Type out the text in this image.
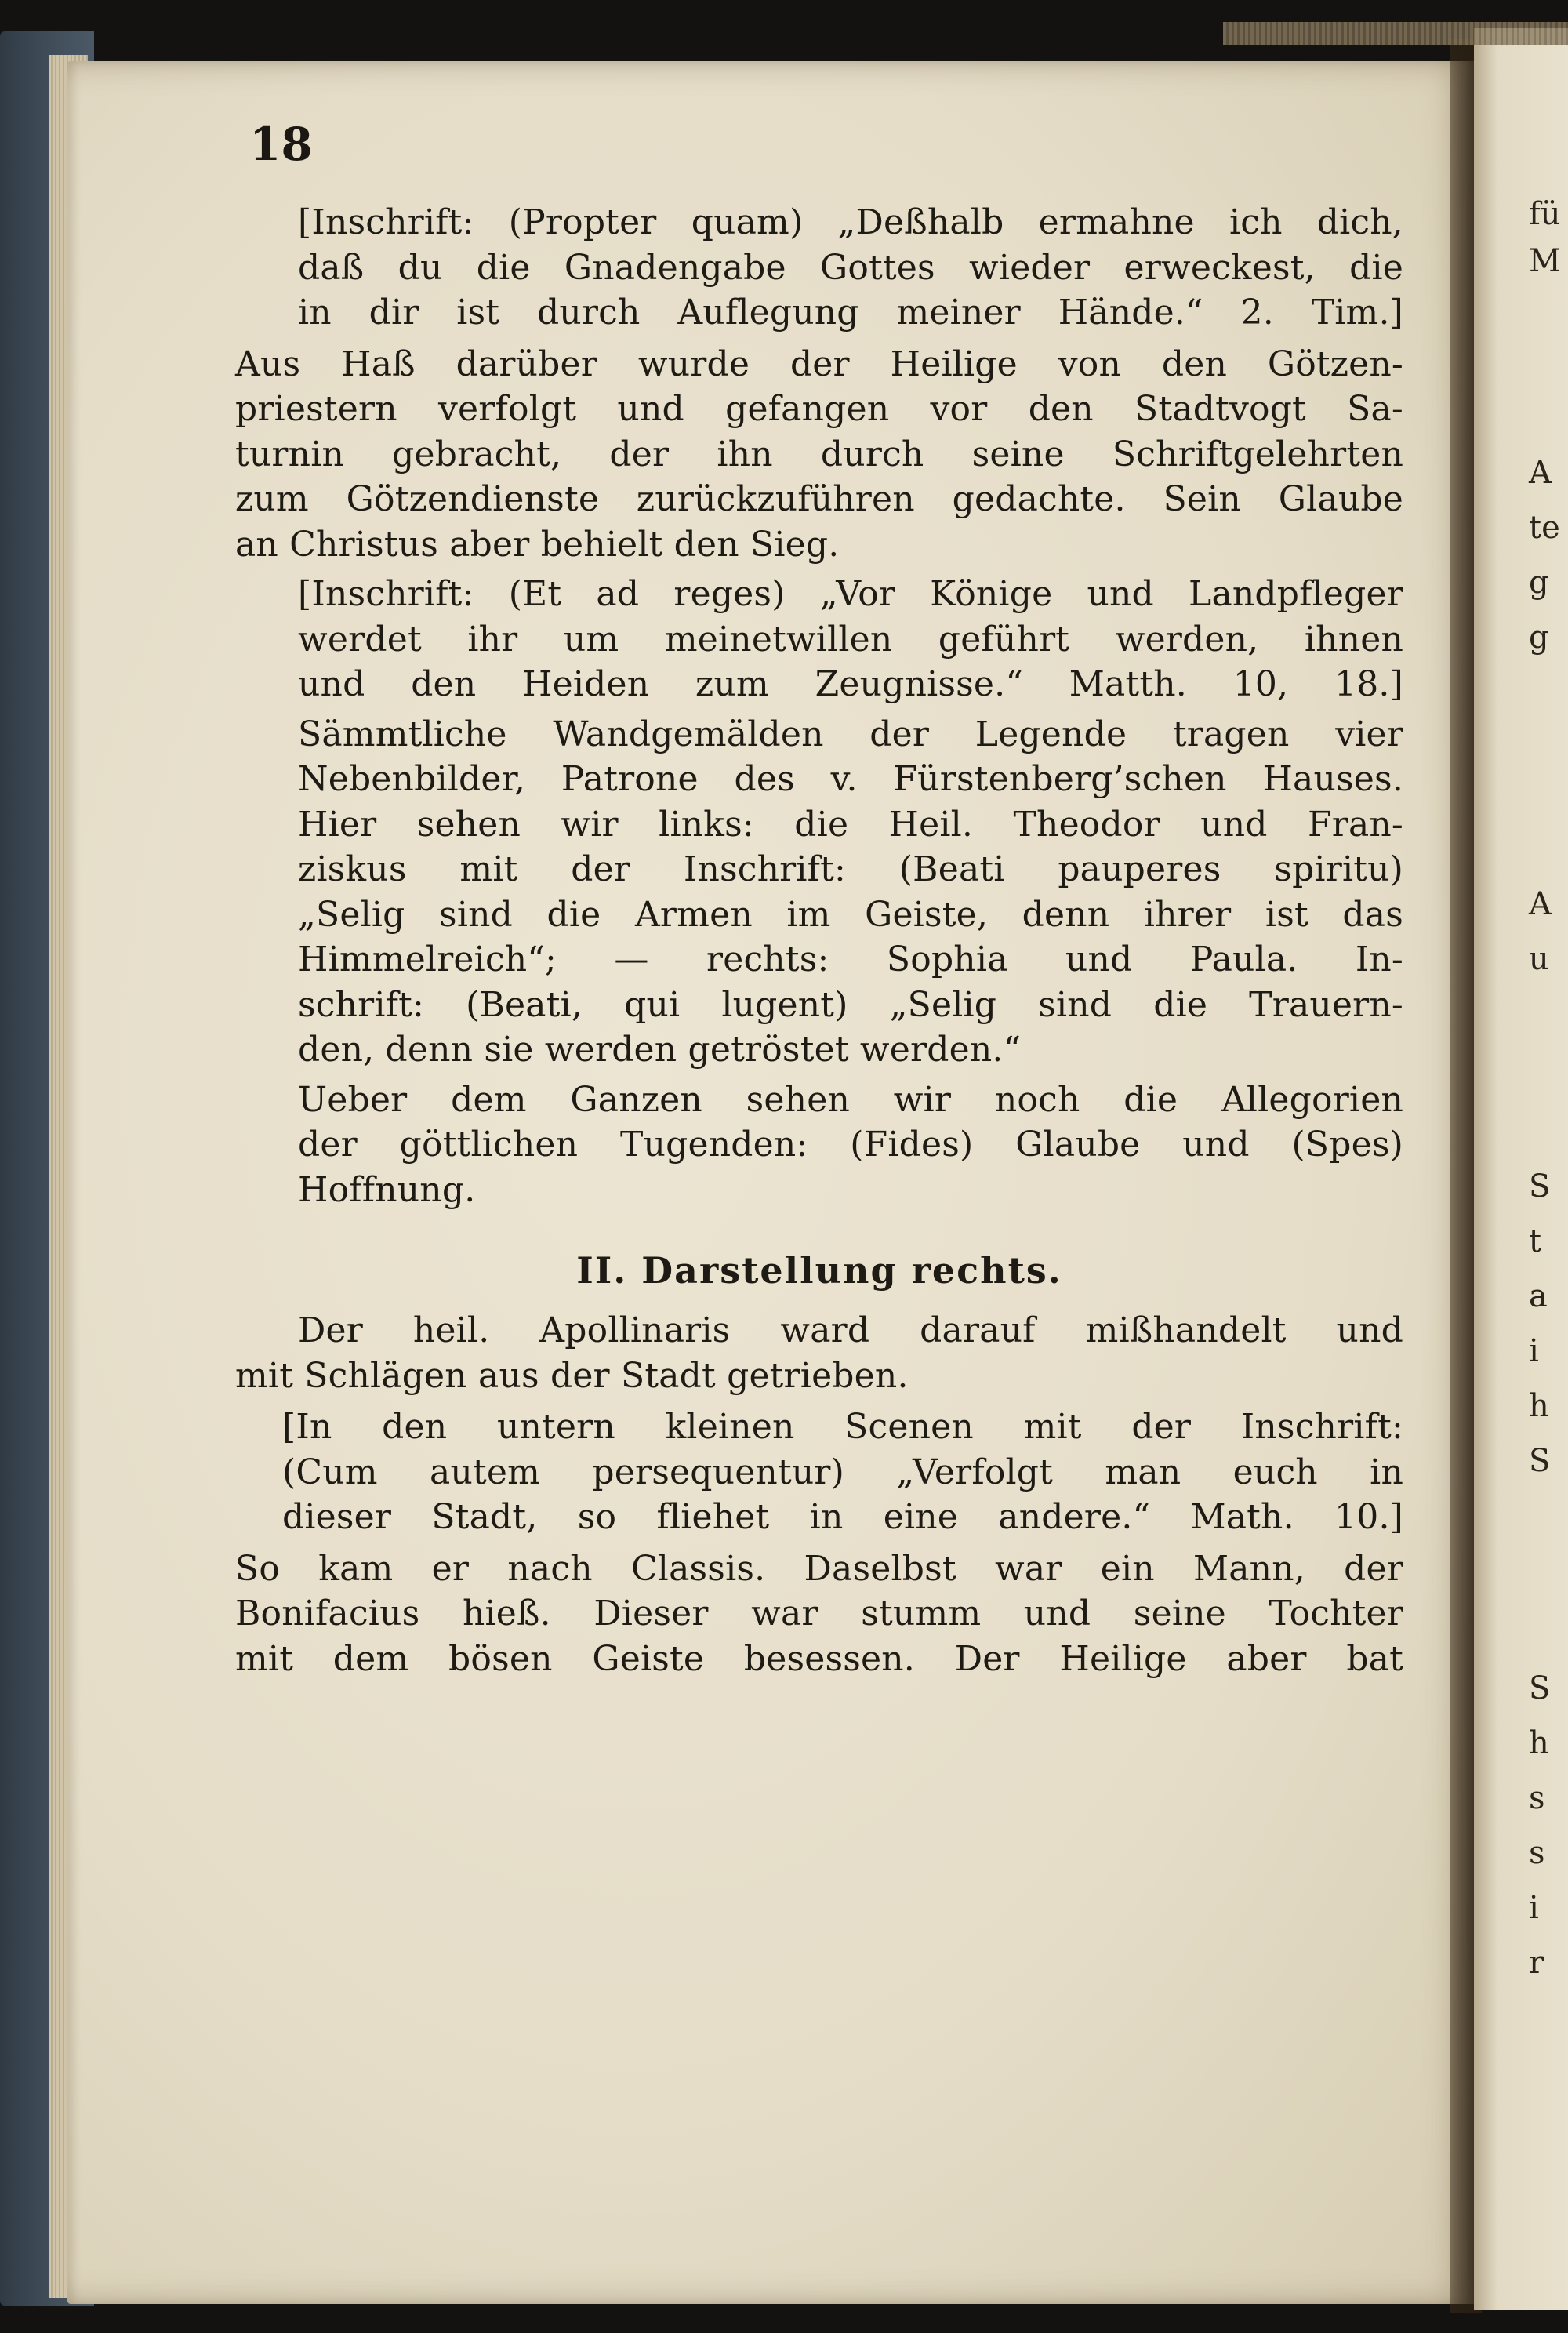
18
[Inschrift: (Propter quam) „Deßhalb ermahne ich dich,
daß du die Gnadengabe Gottes wieder erweckest, die
in dir ist durch Auflegung meiner Hände.“ 2. Tim.]
Aus Haß darüber wurde der Heilige von den Götzen-
priestern verfolgt und gefangen vor den Stadtvogt Sa-
turnin gebracht, der ihn durch seine Schriftgelehrten
zum Götzendienste zurückzuführen gedachte. Sein Glaube
an Christus aber behielt den Sieg.
[Inschrift: (Et ad reges) „Vor Könige und Landpfleger
werdet ihr um meinetwillen geführt werden, ihnen
und den Heiden zum Zeugnisse.“ Matth. 10, 18.]
Sämmtliche Wandgemälden der Legende tragen vier
Nebenbilder, Patrone des v. Fürstenberg’schen Hauses.
Hier sehen wir links: die Heil. Theodor und Fran-
ziskus mit der Inschrift: (Beati pauperes spiritu)
„Selig sind die Armen im Geiste, denn ihrer ist das
Himmelreich“; — rechts: Sophia und Paula. In-
schrift: (Beati, qui lugent) „Selig sind die Trauern-
den, denn sie werden getröstet werden.“
Ueber dem Ganzen sehen wir noch die Allegorien
der göttlichen Tugenden: (Fides) Glaube und (Spes)
Hoffnung.
II. Darstellung rechts.
Der heil. Apollinaris ward darauf mißhandelt und
mit Schlägen aus der Stadt getrieben.
[In den untern kleinen Scenen mit der Inschrift:
(Cum autem persequentur) „Verfolgt man euch in
dieser Stadt, so fliehet in eine andere.“ Math. 10.]
So kam er nach Classis. Daselbst war ein Mann, der
Bonifacius hieß. Dieser war stumm und seine Tochter
mit dem bösen Geiste besessen. Der Heilige aber bat
fü
M
A
te
g
g
A
u
S
t
a
i
h
S
S
h
s
s
i
r
